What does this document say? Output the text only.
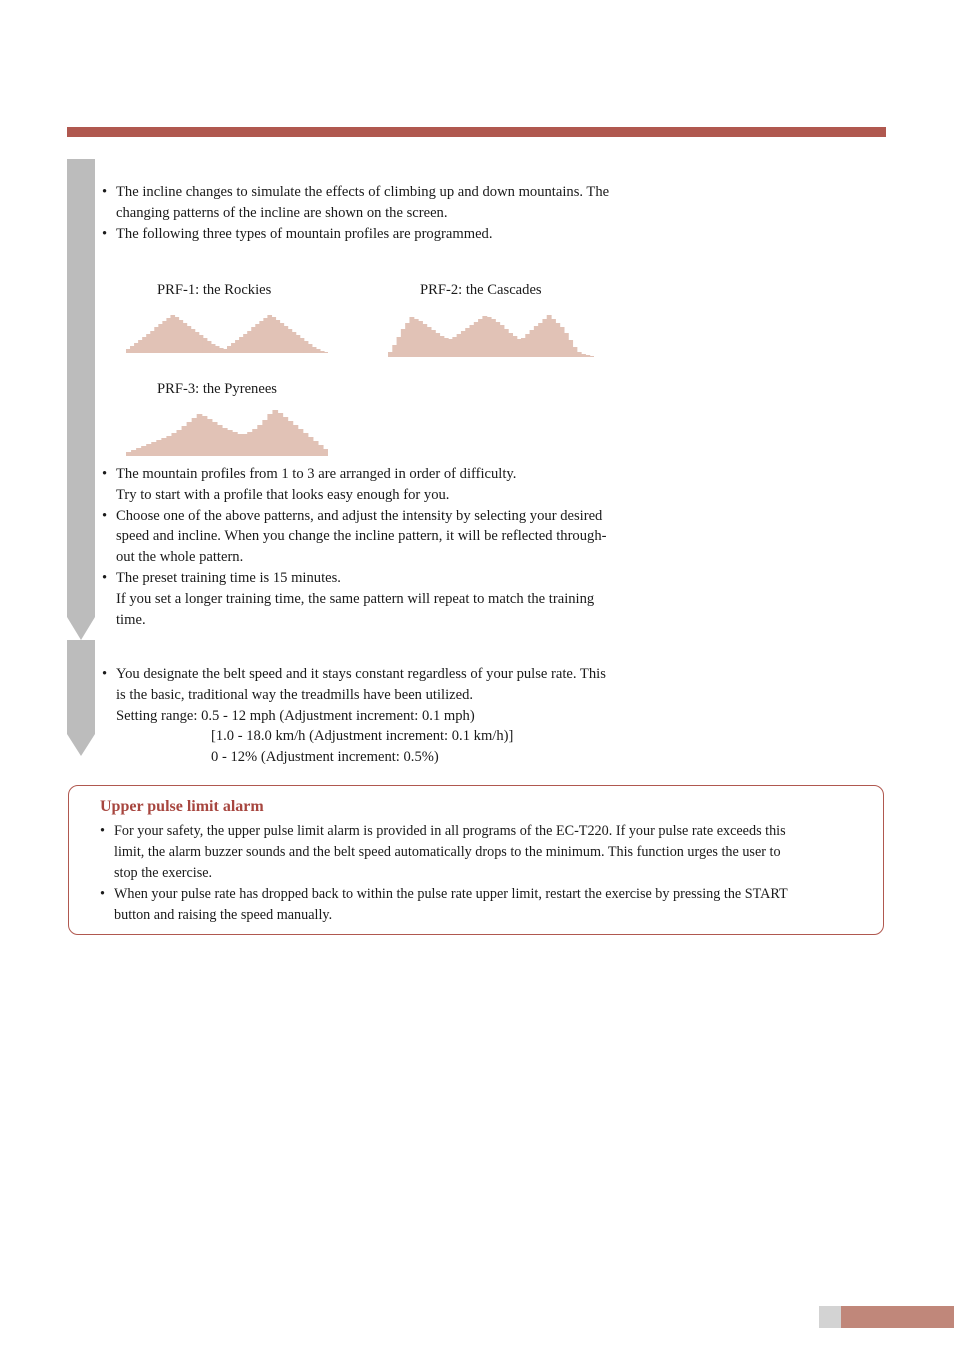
• The incline changes to simulate the effects of climbing up and down mountains. The
changing patterns of the incline are shown on the screen.
• The following three types of mountain profiles are programmed.
PRF-1: the Rockies	PRF-2: the Cascades
PRF-3: the Pyrenees
• The mountain profiles from 1 to 3 are arranged in order of difficulty.
Try to start with a profile that looks easy enough for you.
• Choose one of the above patterns, and adjust the intensity by selecting your desired
speed and incline. When you change the incline pattern, it will be reflected through-
out the whole pattern.
• The preset training time is 15 minutes.
If you set a longer training time, the same pattern will repeat to match the training
time.
• You designate the belt speed and it stays constant regardless of your pulse rate. This
is the basic, traditional way the treadmills have been utilized.
Setting range: 0.5 - 12 mph (Adjustment increment: 0.1 mph)
[1.0 - 18.0 km/h (Adjustment increment: 0.1 km/h)]
0 - 12% (Adjustment increment: 0.5%)
Upper pulse limit alarm
• For your safety, the upper pulse limit alarm is provided in all programs of the EC-T220. If your pulse rate exceeds this
limit, the alarm buzzer sounds and the belt speed automatically drops to the minimum. This function urges the user to
stop the exercise.
• When your pulse rate has dropped back to within the pulse rate upper limit, restart the exercise by pressing the START
button and raising the speed manually.
